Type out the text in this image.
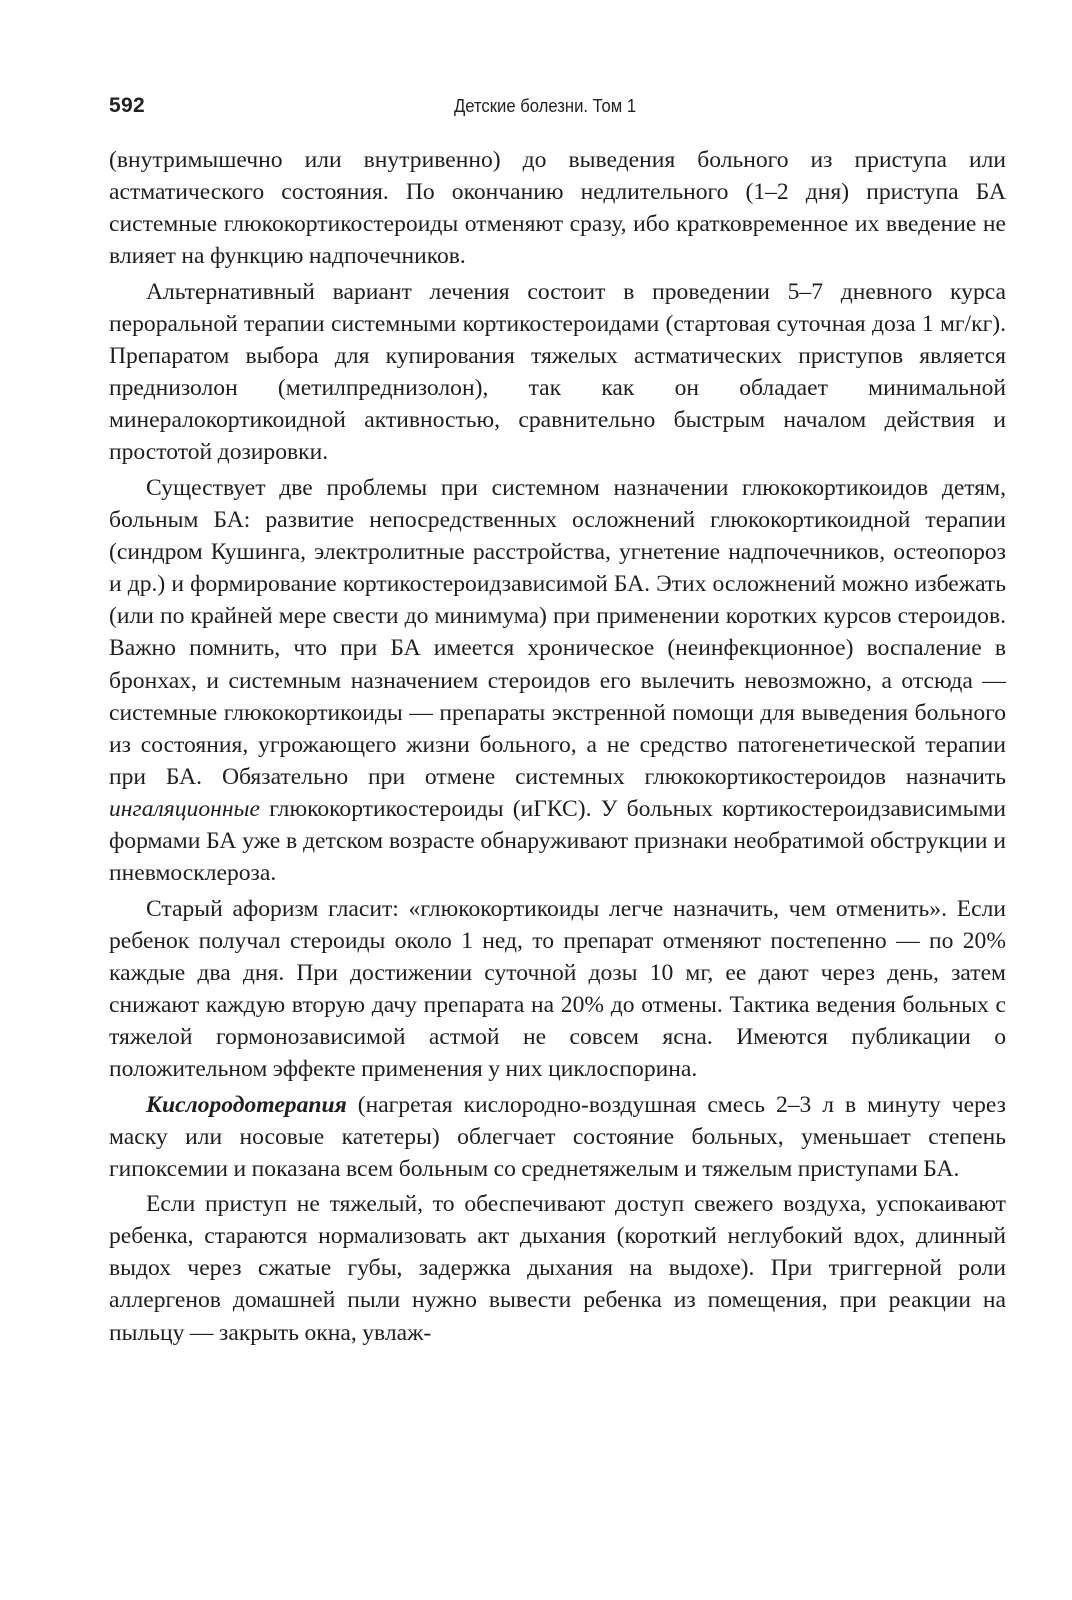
592	Детские болезни. Том 1

(внутримышечно или внутривенно) до выведения больного из приступа или астматического состояния. По окончанию недлительного (1–2 дня) приступа БА системные глюкокортикостероиды отменяют сразу, ибо кратковременное их введение не влияет на функцию надпочечников.

Альтернативный вариант лечения состоит в проведении 5–7 дневного курса пероральной терапии системными кортикостероидами (стартовая суточная доза 1 мг/кг). Препаратом выбора для купирования тяжелых астматических приступов является преднизолон (метилпреднизолон), так как он обладает минимальной минералокортикоидной активностью, сравнительно быстрым началом действия и простотой дозировки.

Существует две проблемы при системном назначении глюкокортикоидов детям, больным БА: развитие непосредственных осложнений глюкокортикоидной терапии (синдром Кушинга, электролитные расстройства, угнетение надпочечников, остеопороз и др.) и формирование кортикостероидзависимой БА. Этих осложнений можно избежать (или по крайней мере свести до минимума) при применении коротких курсов стероидов. Важно помнить, что при БА имеется хроническое (неинфекционное) воспаление в бронхах, и системным назначением стероидов его вылечить невозможно, а отсюда — системные глюкокортикоиды — препараты экстренной помощи для выведения больного из состояния, угрожающего жизни больного, а не средство патогенетической терапии при БА. Обязательно при отмене системных глюкокортикостероидов назначить ингаляционные глюкокортикостероиды (иГКС). У больных кортикостероидзависимыми формами БА уже в детском возрасте обнаруживают признаки необратимой обструкции и пневмосклероза.

Старый афоризм гласит: «глюкокортикоиды легче назначить, чем отменить». Если ребенок получал стероиды около 1 нед, то препарат отменяют постепенно — по 20% каждые два дня. При достижении суточной дозы 10 мг, ее дают через день, затем снижают каждую вторую дачу препарата на 20% до отмены. Тактика ведения больных с тяжелой гормонозависимой астмой не совсем ясна. Имеются публикации о положительном эффекте применения у них циклоспорина.

Кислородотерапия (нагретая кислородно-воздушная смесь 2–3 л в минуту через маску или носовые катетеры) облегчает состояние больных, уменьшает степень гипоксемии и показана всем больным со среднетяжелым и тяжелым приступами БА.

Если приступ не тяжелый, то обеспечивают доступ свежего воздуха, успокаивают ребенка, стараются нормализовать акт дыхания (короткий неглубокий вдох, длинный выдох через сжатые губы, задержка дыхания на выдохе). При триггерной роли аллергенов домашней пыли нужно вывести ребенка из помещения, при реакции на пыльцу — закрыть окна, увлаж-
